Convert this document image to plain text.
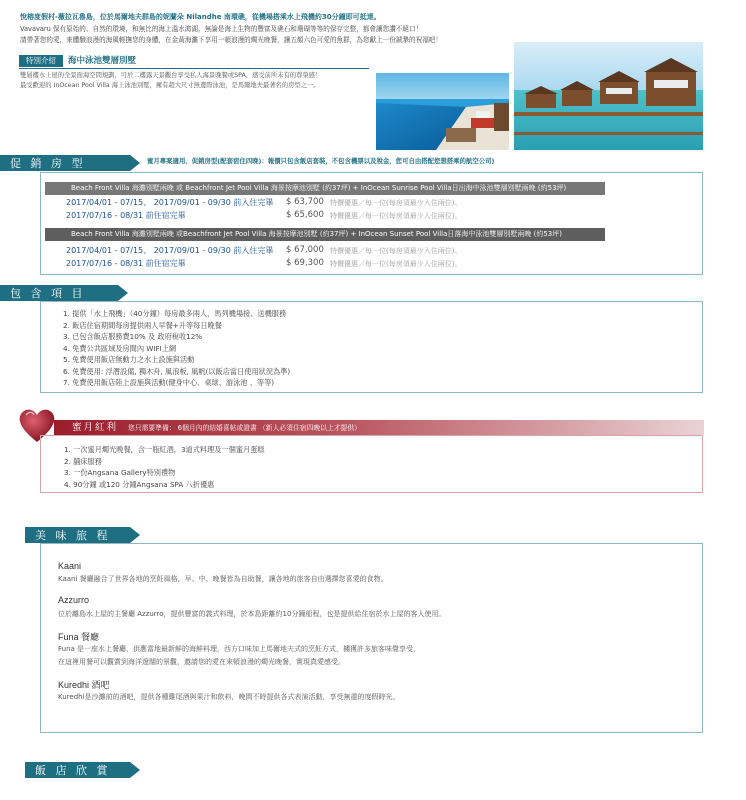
悅榕度假村-薇拉瓦魯島，位於馬爾地夫群島的妮蘭朵 Nilandhe 南環礁，從機場搭乘水上飛機約30分鐘即可抵達。
Vavavaru 保有原始的、自然的環境，和無比的海上溫水瀉湖，無論是海上生物的豐富及礁石和珊瑚等等的保存完整，都會讓您讚不絕口！
請帶著您的愛，來體驗浪漫的海風輕撫您的身體，在金黃海灘下享用一頓浪漫的燭光晚餐，讓五顏六色可愛的魚群，為您獻上一份誠摯的祝福吧！
特別介紹	海中泳池雙層別墅
雙層樓水上屋的全景面海空間規劃，可於二樓露天景觀台享受私人海景晚餐或SPA，感受前所未有的尊榮感！
最受歡迎的 InOcean Pool Villa 海上泳池別墅，擁有超大尺寸無邊際泳池，是馬爾地夫最著名的房型之一。
促 銷 房 型	蜜月專案適用、促銷房型(配套宿住四晚)：報價只包含飯店套裝，不包含機票以及稅金，您可自由搭配您想搭乘的航空公司)
Beach Front Villa 海灘別墅兩晚 或 Beachfront Jet Pool Villa 海景按摩池別墅 (約37坪) + InOcean Sunrise Pool Villa日出海中泳池雙層別墅兩晚 (約53坪)
2017/04/01 - 07/15、 2017/09/01 - 09/30 前入住完畢 $ 63,700 特價優惠／每一位(每房須最少入住兩位)。
2017/07/16 - 08/31 前住宿完畢	$ 65,600 特價優惠／每一位(每房須最少入住兩位)。
Beach Front Villa 海灘別墅兩晚 或Beachfront Jet Pool Villa 海景按摩池別墅 (約37坪) + InOcean Sunset Pool Villa日落海中泳池雙層別墅兩晚 (約53坪)
2017/04/01 - 07/15、 2017/09/01 - 09/30 前入住完畢 $ 67,000 特價優惠／每一位(每房須最少入住兩位)。
2017/07/16 - 08/31 前住宿完畢	$ 69,300 特價優惠／每一位(每房須最少入住兩位)。
包 含 項 目
1. 提供「水上飛機」（40分鐘）每房最多兩人，馬列機場接、送機服務
2. 飯店住宿期間每房提供兩人早餐+升等每日晚餐
3. 已包含飯店服務費10% 及 政府稅收12%
4. 免費公共區域及房間內 WIFI上網
5. 免費使用飯店無動力之水上設施與活動
6. 免費使用: 浮潛設備, 獨木舟, 風浪板, 風帆(以飯店當日使用狀況為準)
7. 免費使用飯店陸上設施與活動(健身中心、桌球、游泳池 、等等)
蜜月紅利 您只需要準備： 6個月內的結婚喜帖或證書 （新人必須住宿四晚以上才提供）
1. 一次蜜月燭光晚餐，含一瓶紅酒，3道式料理及一個蜜月蛋糕
2. 舖床服務
3. 一份Angsana Gallery特別禮物
4. 90分鐘 或120 分鐘Angsana SPA 八折優惠
美 味 旅 程
Kaani
Kaani 餐廳融合了世界各地的烹飪風格，早、中、晚餐皆為自助餐，讓各地的旅客自由選擇您喜愛的食物。
Azzurro
位於離島水上屋的主餐廳 Azzurro，提供豐富的義式料理，於本島距離約10分鐘船程，也是提供給住宿於水上屋的客人使用。
Funa 餐廳
Funa 是一座水上餐廳，供應當地最新鮮的海鮮料理，西方口味加上馬爾地夫式的烹飪方式，擄獲許多旅客味覺享受，
在這裡用餐可以觀賞到海洋遼闊的景觀，邀請您的愛在來頓浪漫的燭光晚餐，實現真愛感受。
Kuredhi 酒吧
Kuredhi是沙灘前的酒吧，提供各種雞尾酒與果汁和飲料，晚間不時提供各式表演活動，享受無盡的度假時光。
飯 店 欣 賞
